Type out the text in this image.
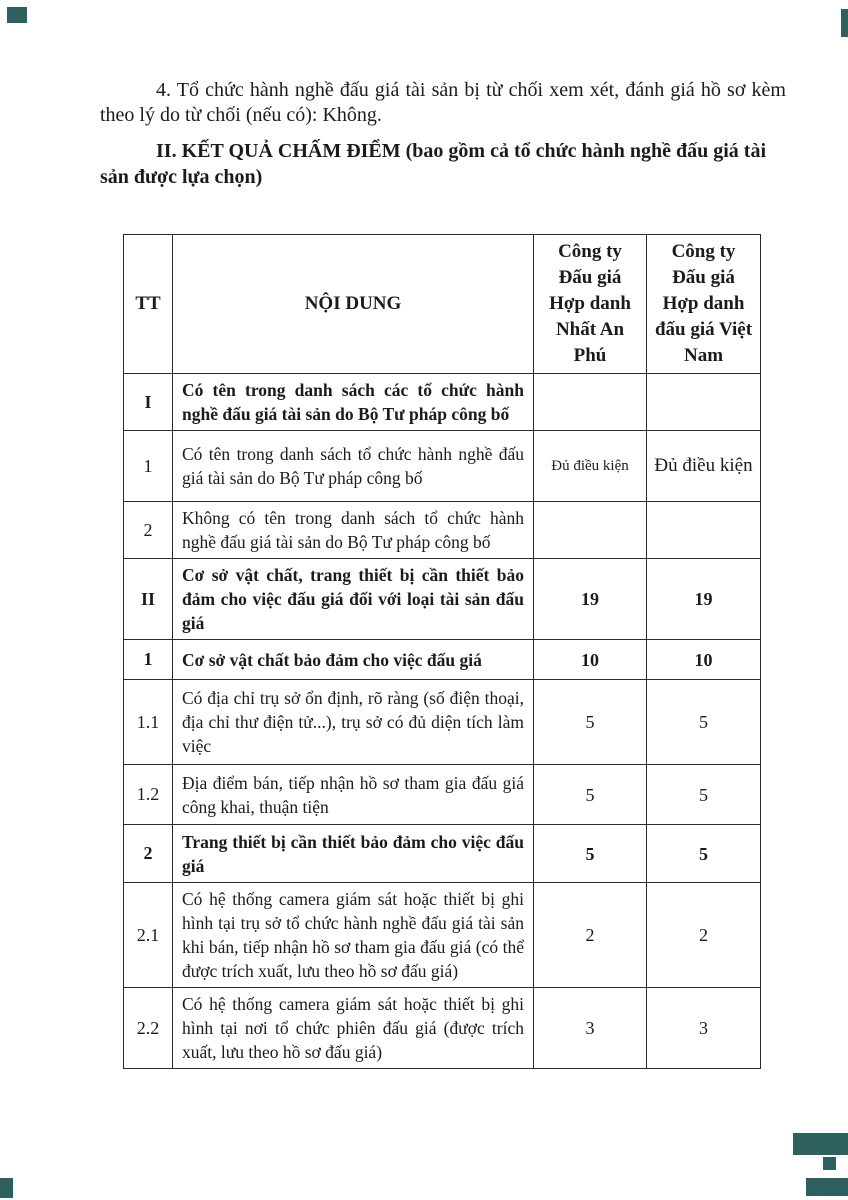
4. Tổ chức hành nghề đấu giá tài sản bị từ chối xem xét, đánh giá hồ sơ kèm theo lý do từ chối (nếu có): Không.

II. KẾT QUẢ CHẤM ĐIỂM (bao gồm cả tổ chức hành nghề đấu giá tài sản được lựa chọn)

TT	NỘI DUNG	Công ty Đấu giá Hợp danh Nhất An Phú	Công ty Đấu giá Hợp danh đấu giá Việt Nam
I	Có tên trong danh sách các tổ chức hành nghề đấu giá tài sản do Bộ Tư pháp công bố		
1	Có tên trong danh sách tổ chức hành nghề đấu giá tài sản do Bộ Tư pháp công bố	Đủ điều kiện	Đủ điều kiện
2	Không có tên trong danh sách tổ chức hành nghề đấu giá tài sản do Bộ Tư pháp công bố		
II	Cơ sở vật chất, trang thiết bị cần thiết bảo đảm cho việc đấu giá đối với loại tài sản đấu giá	19	19
1	Cơ sở vật chất bảo đảm cho việc đấu giá	10	10
1.1	Có địa chỉ trụ sở ổn định, rõ ràng (số điện thoại, địa chỉ thư điện tử...), trụ sở có đủ diện tích làm việc	5	5
1.2	Địa điểm bán, tiếp nhận hồ sơ tham gia đấu giá công khai, thuận tiện	5	5
2	Trang thiết bị cần thiết bảo đảm cho việc đấu giá	5	5
2.1	Có hệ thống camera giám sát hoặc thiết bị ghi hình tại trụ sở tổ chức hành nghề đấu giá tài sản khi bán, tiếp nhận hồ sơ tham gia đấu giá (có thể được trích xuất, lưu theo hồ sơ đấu giá)	2	2
2.2	Có hệ thống camera giám sát hoặc thiết bị ghi hình tại nơi tổ chức phiên đấu giá (được trích xuất, lưu theo hồ sơ đấu giá)	3	3
